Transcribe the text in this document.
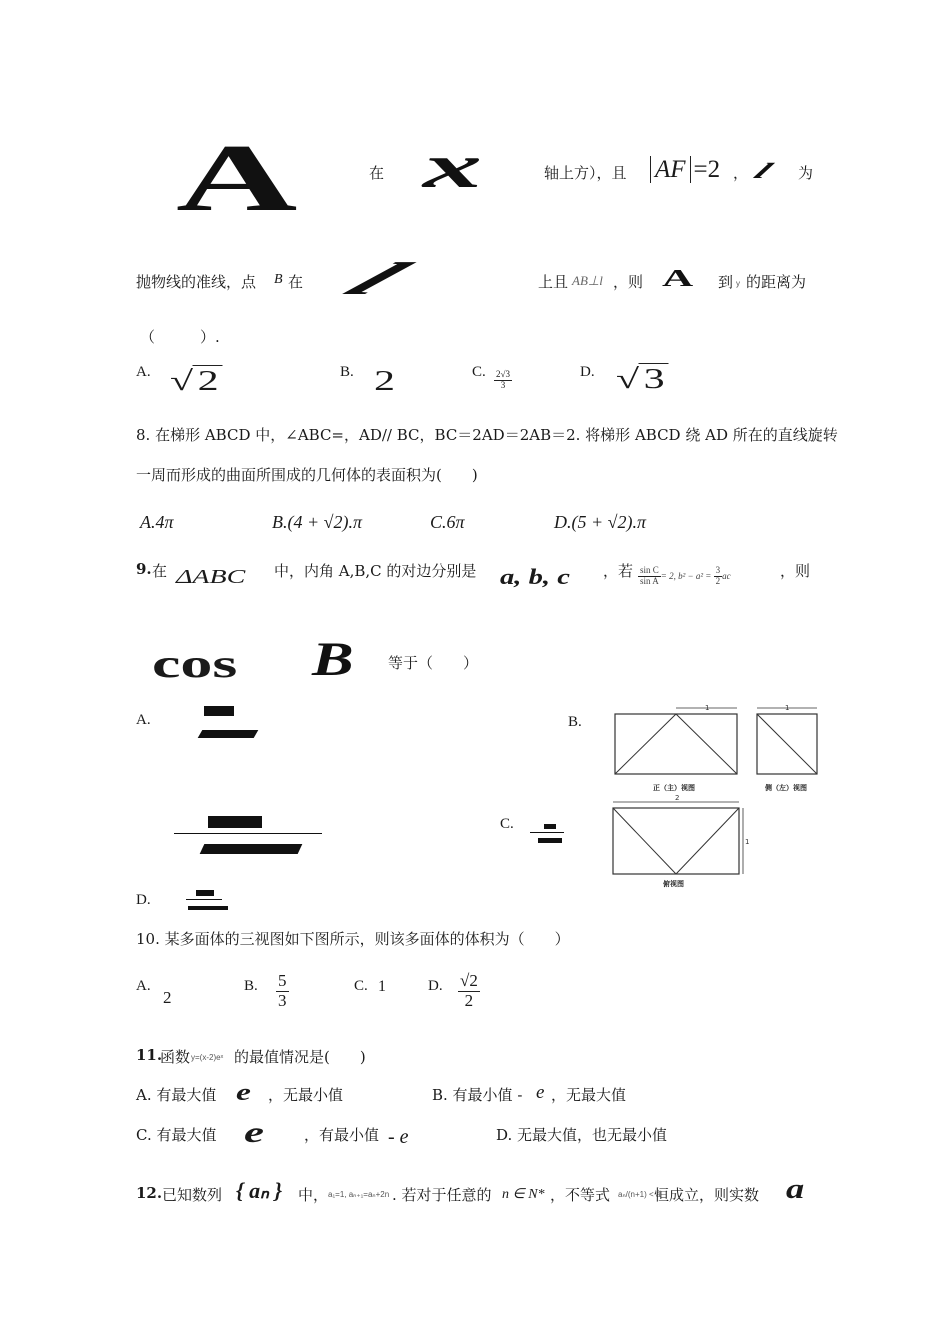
A	在 x	轴上方），且 AF =2 ， l 为
抛物线的准线，点 B 在 l	上且 AB⊥l ，则 A 到 y 的距离为
（　　　）.
A. √ 2	B. 2	C. $\frac{2√3}{3}$	D. √ 3
8. 在梯形 ABCD 中，∠ABC=，AD// BC，BC＝2AD＝2AB＝2. 将梯形 ABCD 绕 AD 所在的直线旋转
一周而形成的曲面所围成的几何体的表面积为(　　)
A.4π	B.(4 + √2).π	C.6π	D.(5 + √2).π
9. 在 ΔABC 中，内角 A,B,C 的对边分别是 a, b, c ，若 $\frac{\text{sin C}}{\text{sin A}} = 2$, $b^2 - a^2 = \frac{3}{2}$ ac	，则
cos B 等于（　　）
A.	B.
C.
D.
1
正（主）视图
1
侧（左）视图
2
1
俯视图
10. 某多面体的三视图如下图所示，则该多面体的体积为（　　）
A.
2
B. $\frac{5}{3}$	C. 1	D. $\frac{√2}{2}$
11.
函数 y=(x-2)eˣ 的最值情况是(　　)
A. 有最大值 e ，无最小值	B. 有最小值 - e ，无最大值
C. 有最大值 e	，有最小值 - e	D. 无最大值，也无最小值
12. 已知数列 { aₙ } 中， a₁=1, aₙ₊₁=aₙ+2n . 若对于任意的 n ∈ N* ，不等式 aₙ/(n+1) < a
恒成立，则实数 a
